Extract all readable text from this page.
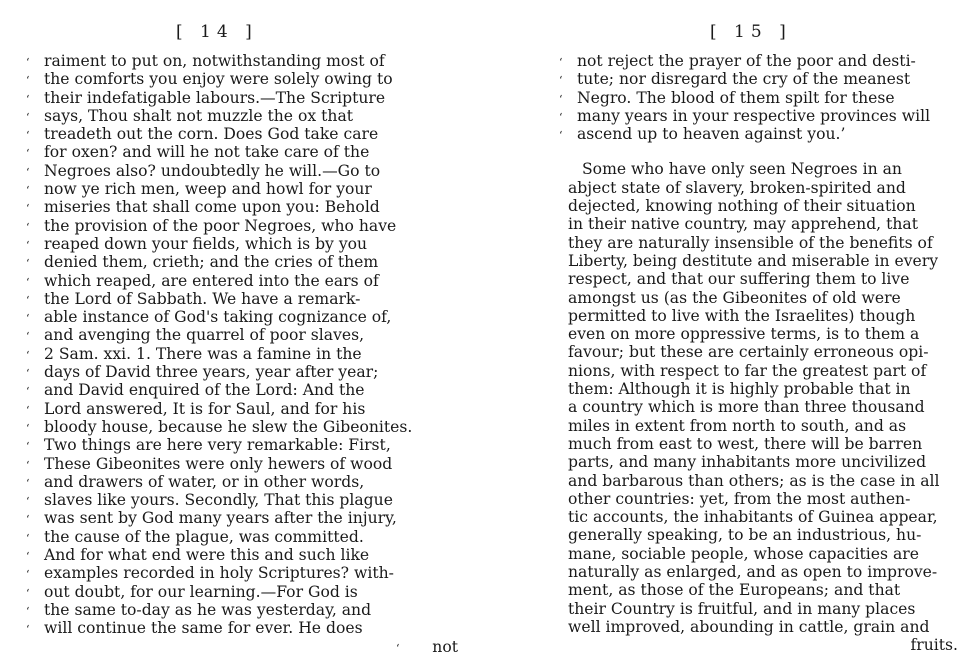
[ 14 ]
‘ raiment to put on, notwithstanding most of
‘ the comforts you enjoy were solely owing to
‘ their indefatigable labours.—The Scripture
‘ says, Thou shalt not muzzle the ox that
‘ treadeth out the corn. Does God take care
‘ for oxen? and will he not take care of the
‘ Negroes also? undoubtedly he will.—Go to
‘ now ye rich men, weep and howl for your
‘ miseries that shall come upon you: Behold
‘ the provision of the poor Negroes, who have
‘ reaped down your fields, which is by you
‘ denied them, crieth; and the cries of them
‘ which reaped, are entered into the ears of
‘ the Lord of Sabbath. We have a remark-
‘ able instance of God's taking cognizance of,
‘ and avenging the quarrel of poor slaves,
‘ 2 Sam. xxi. 1. There was a famine in the
‘ days of David three years, year after year;
‘ and David enquired of the Lord: And the
‘ Lord answered, It is for Saul, and for his
‘ bloody house, because he slew the Gibeonites.
‘ Two things are here very remarkable: First,
‘ These Gibeonites were only hewers of wood
‘ and drawers of water, or in other words,
‘ slaves like yours. Secondly, That this plague
‘ was sent by God many years after the injury,
‘ the cause of the plague, was committed.
‘ And for what end were this and such like
‘ examples recorded in holy Scriptures? with-
‘ out doubt, for our learning.—For God is
‘ the same to-day as he was yesterday, and
‘ will continue the same for ever. He does
‘ not
[ 15 ]
‘ not reject the prayer of the poor and desti-
‘ tute; nor disregard the cry of the meanest
‘ Negro. The blood of them spilt for these
‘ many years in your respective provinces will
‘ ascend up to heaven against you.’
Some who have only seen Negroes in an
abject state of slavery, broken-spirited and
dejected, knowing nothing of their situation
in their native country, may apprehend, that
they are naturally insensible of the benefits of
Liberty, being destitute and miserable in every
respect, and that our suffering them to live
amongst us (as the Gibeonites of old were
permitted to live with the Israelites) though
even on more oppressive terms, is to them a
favour; but these are certainly erroneous opi-
nions, with respect to far the greatest part of
them: Although it is highly probable that in
a country which is more than three thousand
miles in extent from north to south, and as
much from east to west, there will be barren
parts, and many inhabitants more uncivilized
and barbarous than others; as is the case in all
other countries: yet, from the most authen-
tic accounts, the inhabitants of Guinea appear,
generally speaking, to be an industrious, hu-
mane, sociable people, whose capacities are
naturally as enlarged, and as open to improve-
ment, as those of the Europeans; and that
their Country is fruitful, and in many places
well improved, abounding in cattle, grain and
fruits.
